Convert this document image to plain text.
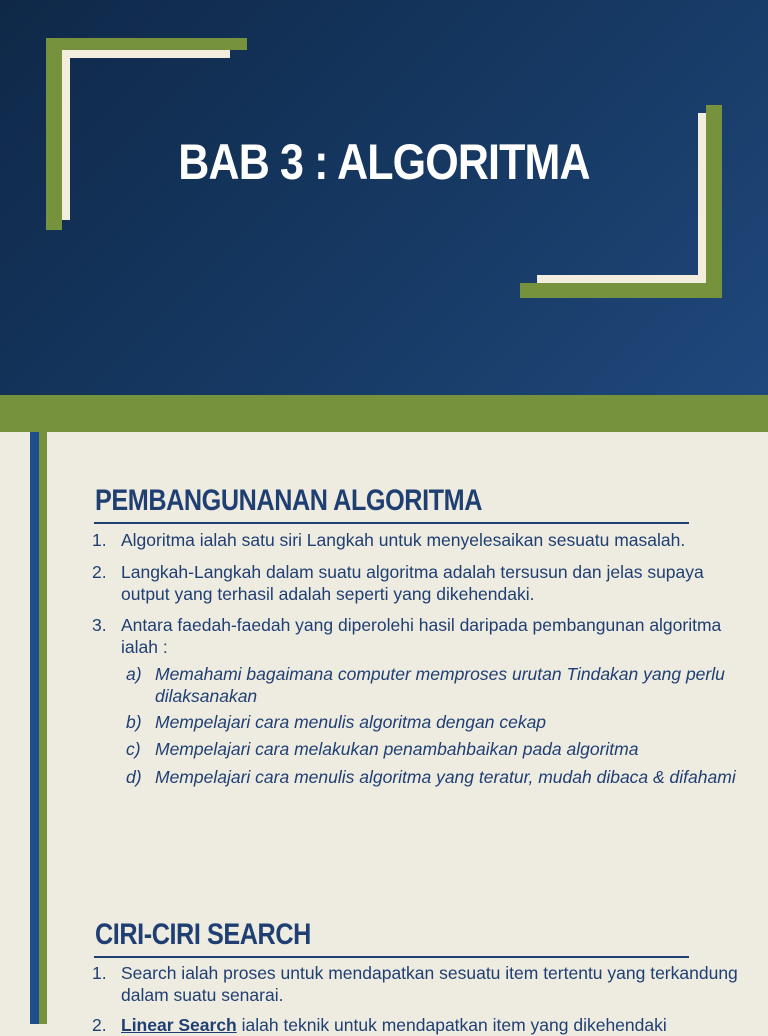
BAB 3 : ALGORITMA
PEMBANGUNANAN ALGORITMA
1. Algoritma ialah satu siri Langkah untuk menyelesaikan sesuatu masalah.
2. Langkah-Langkah dalam suatu algoritma adalah tersusun dan jelas supaya output yang terhasil adalah seperti yang dikehendaki.
3. Antara faedah-faedah yang diperolehi hasil daripada pembangunan algoritma ialah :
a) Memahami bagaimana computer memproses urutan Tindakan yang perlu dilaksanakan
b) Mempelajari cara menulis algoritma dengan cekap
c) Mempelajari cara melakukan penambahbaikan pada algoritma
d) Mempelajari cara menulis algoritma yang teratur, mudah dibaca & difahami
CIRI-CIRI SEARCH
1. Search ialah proses untuk mendapatkan sesuatu item tertentu yang terkandung dalam suatu senarai.
2. Linear Search ialah teknik untuk mendapatkan item yang dikehendaki
